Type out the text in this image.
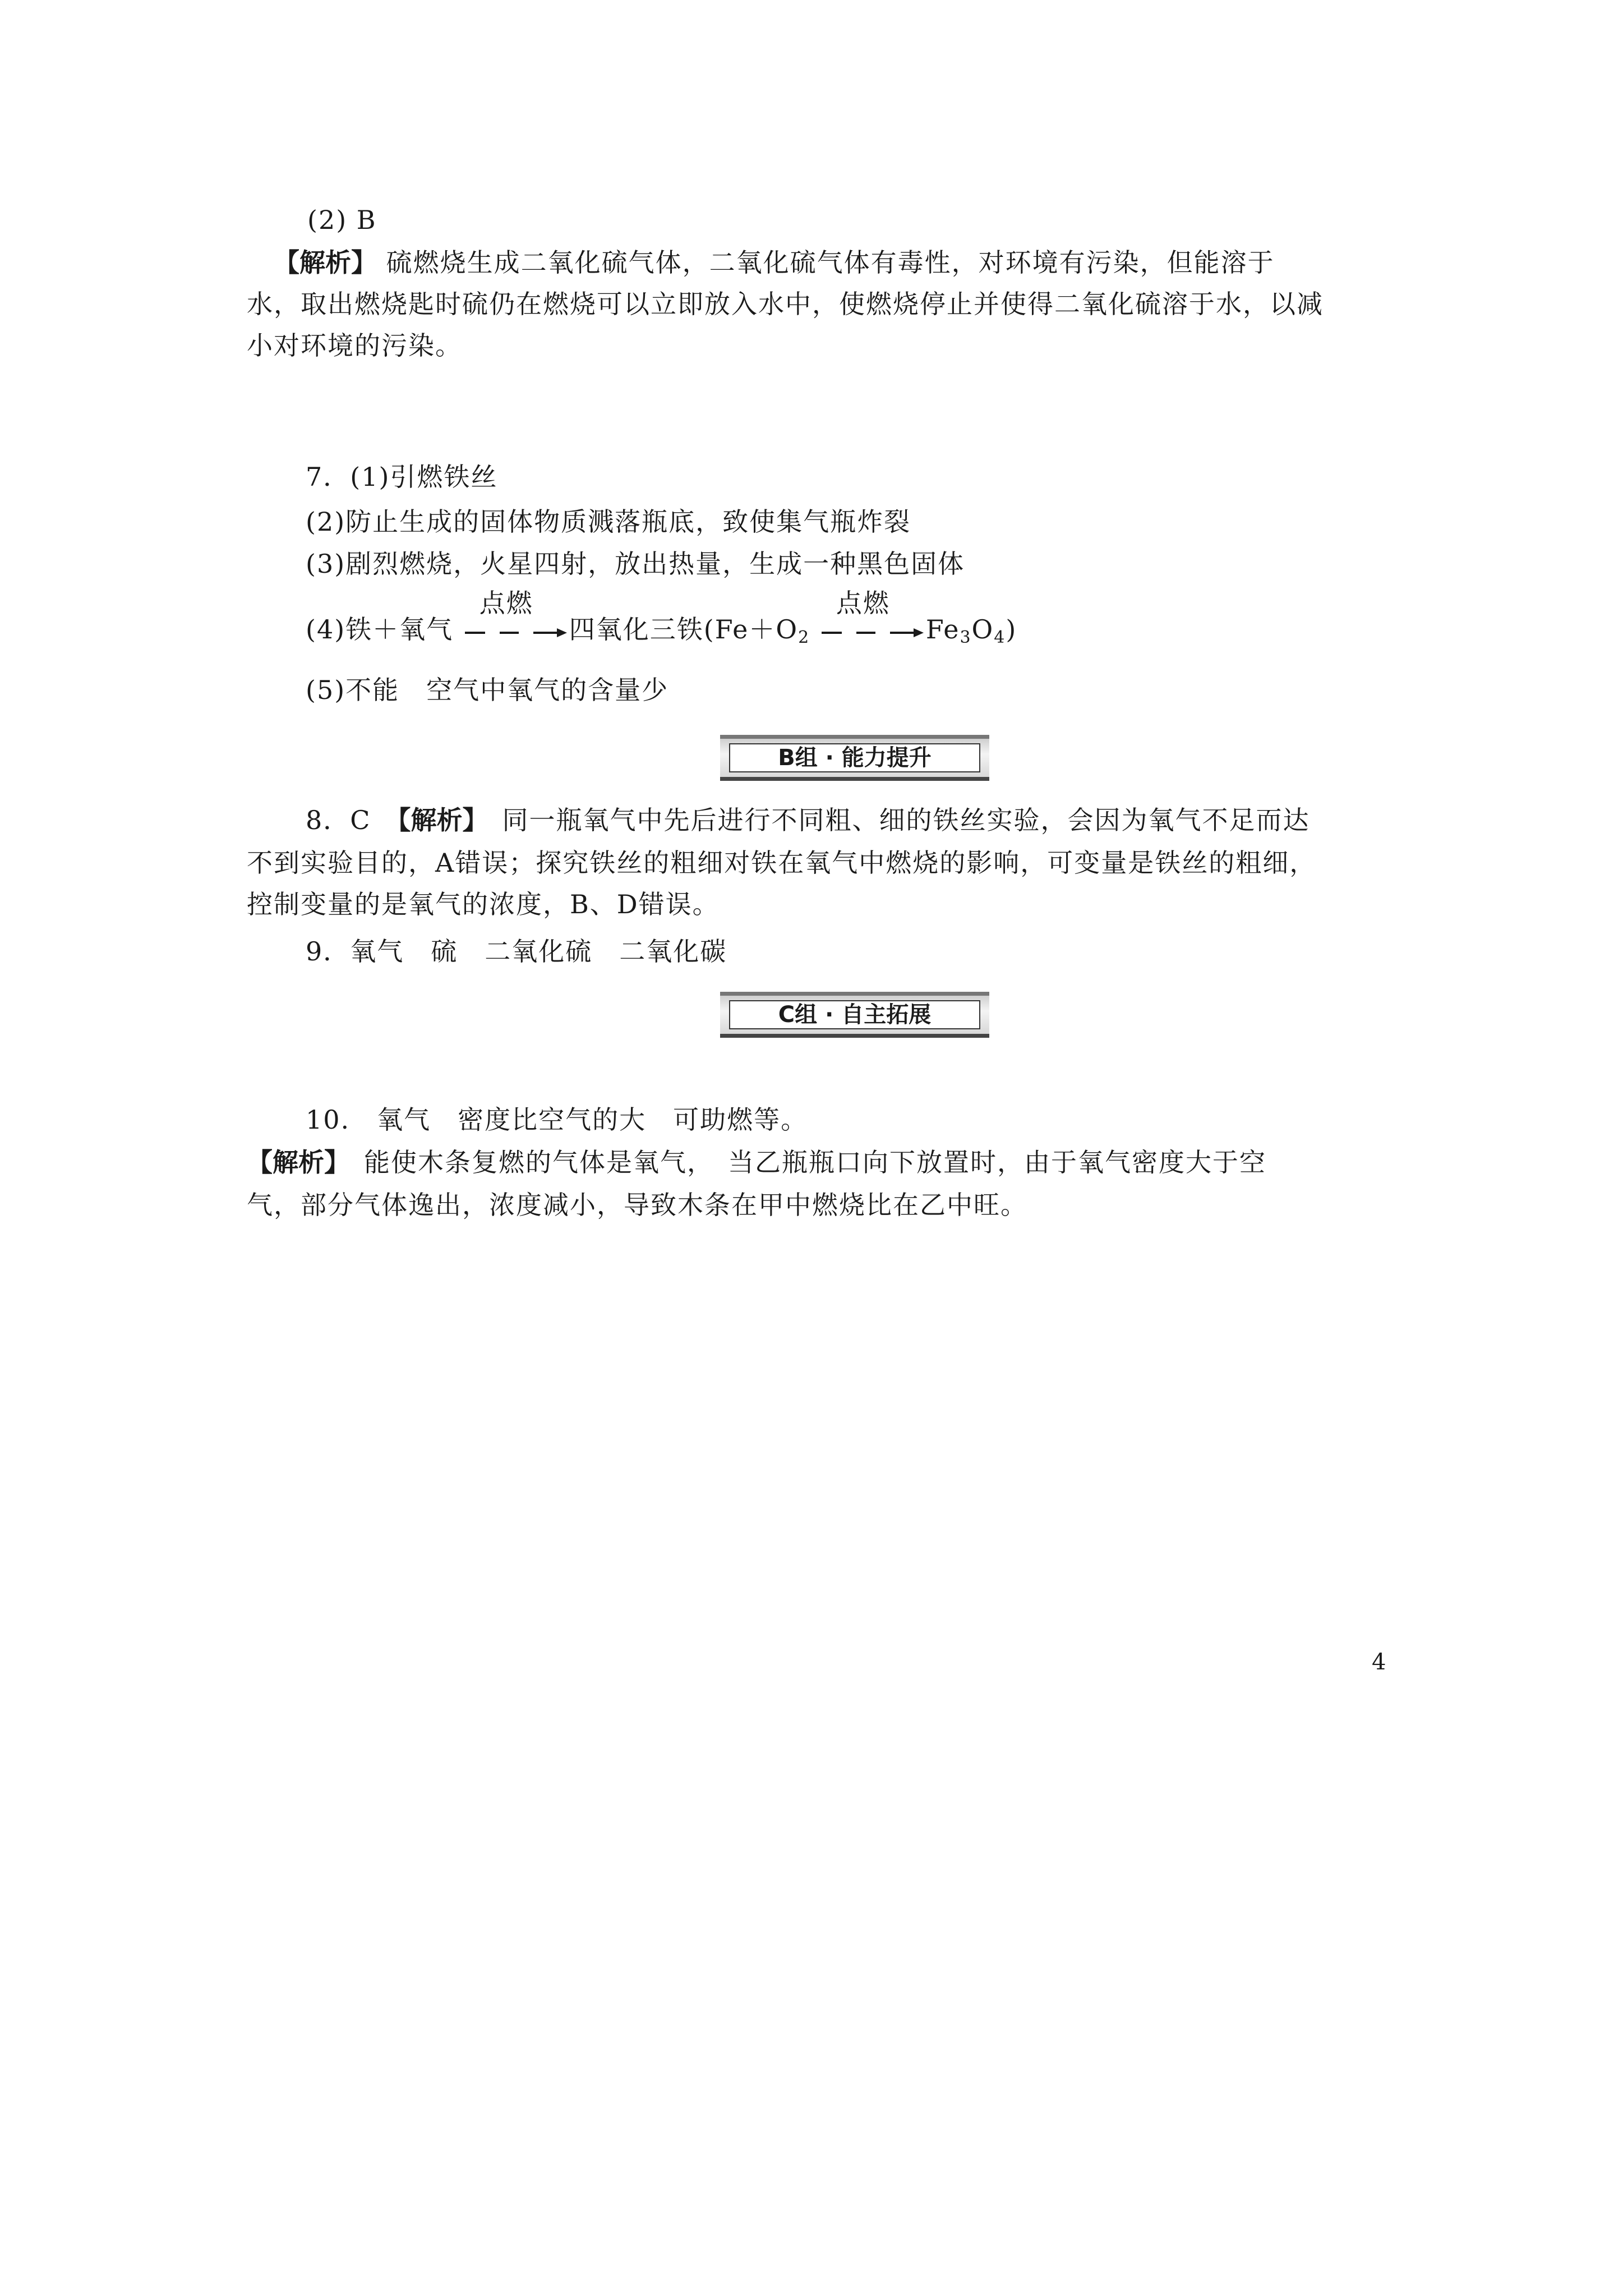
(2) B
【解析】 硫燃烧生成二氧化硫气体，二氧化硫气体有毒性，对环境有污染，但能溶于
水，取出燃烧匙时硫仍在燃烧可以立即放入水中，使燃烧停止并使得二氧化硫溶于水，以减
小对环境的污染。
7．(1)引燃铁丝
(2)防止生成的固体物质溅落瓶底，致使集气瓶炸裂
(3)剧烈燃烧，火星四射，放出热量，生成一种黑色固体
(4)铁＋氧气
点燃
四氧化三铁($Fe+O_2$
点燃
$Fe_3O_4$)
(5)不能　空气中氧气的含量少
B组 · 能力提升
8．C　【解析】　同一瓶氧气中先后进行不同粗、细的铁丝实验，会因为氧气不足而达
不到实验目的，A错误；探究铁丝的粗细对铁在氧气中燃烧的影响，可变量是铁丝的粗细，
控制变量的是氧气的浓度，B、D错误。
9．氧气　硫　二氧化硫　二氧化碳
C组 · 自主拓展
10.　氧气　密度比空气的大　可助燃等。
【解析】　能使木条复燃的气体是氧气，　当乙瓶瓶口向下放置时，由于氧气密度大于空
气，部分气体逸出，浓度减小，导致木条在甲中燃烧比在乙中旺。
4
